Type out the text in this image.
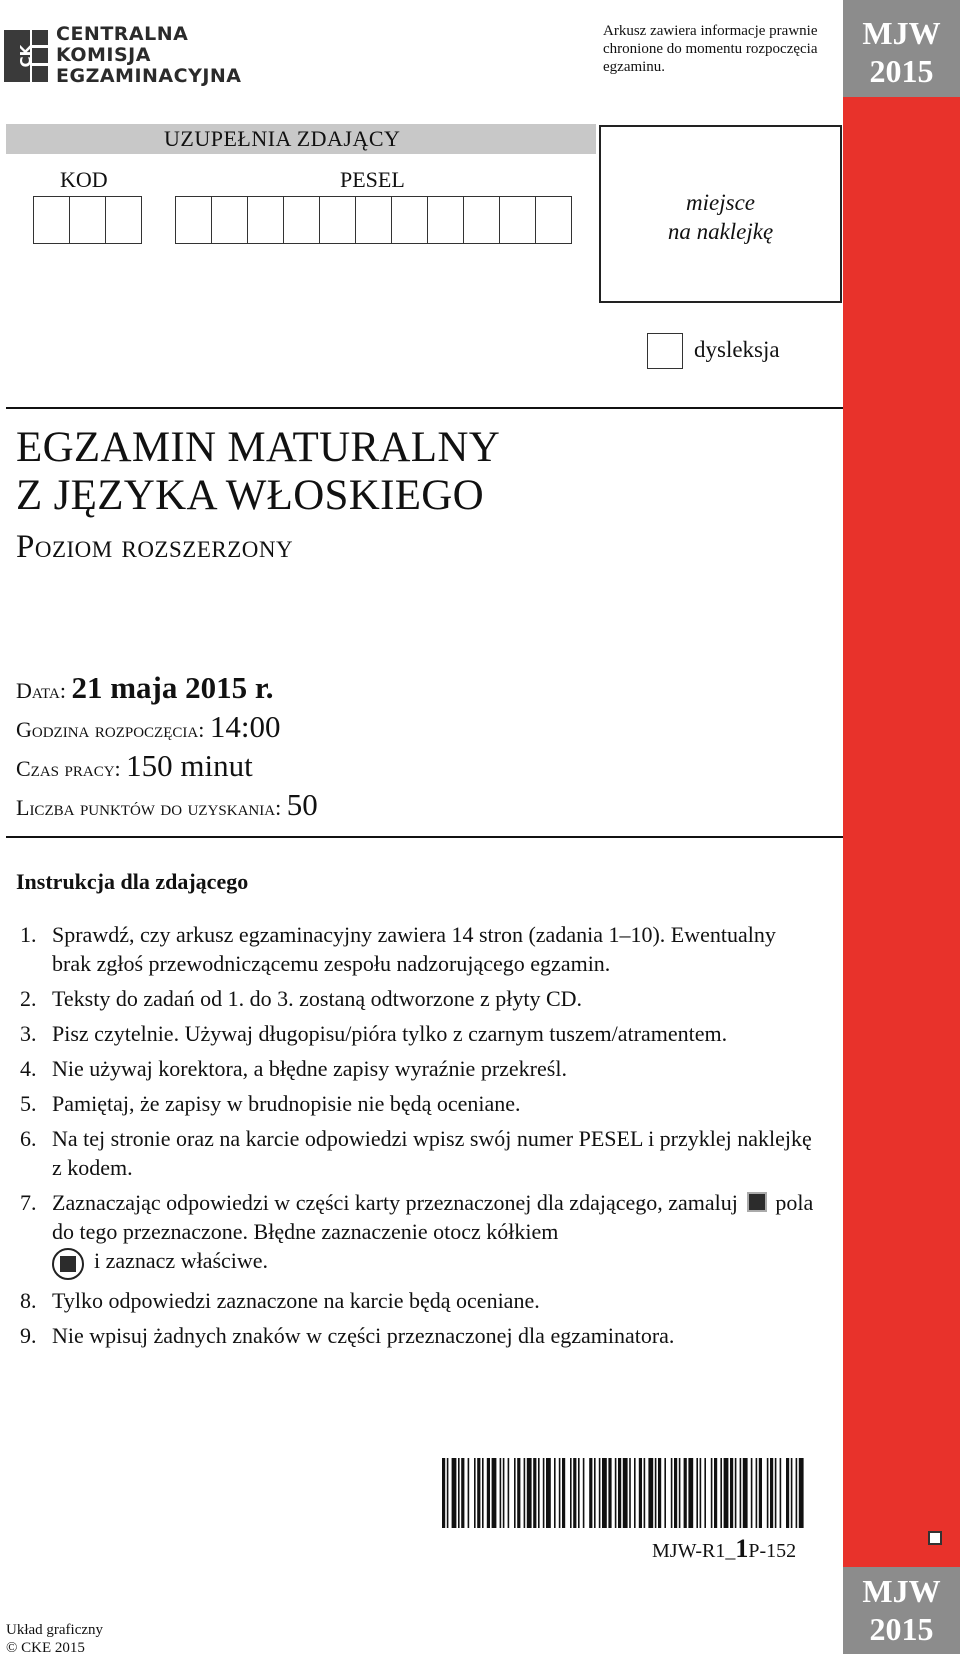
CK
CENTRALNA
KOMISJA
EGZAMINACYJNA
Arkusz zawiera informacje prawnie chronione do momentu rozpoczęcia egzaminu.
MJW
2015
MJW
2015
UZUPEŁNIA ZDAJĄCY
KOD	PESEL
miejsce
na naklejkę
dysleksja
EGZAMIN MATURALNY
Z JĘZYKA WŁOSKIEGO
Poziom rozszerzony
Data: 21 maja 2015 r.
Godzina rozpoczęcia: 14:00
Czas pracy: 150 minut
Liczba punktów do uzyskania: 50
Instrukcja dla zdającego
1. Sprawdź, czy arkusz egzaminacyjny zawiera 14 stron (zadania 1–10). Ewentualny brak zgłoś przewodniczącemu zespołu nadzorującego egzamin.
2. Teksty do zadań od 1. do 3. zostaną odtworzone z płyty CD.
3. Pisz czytelnie. Używaj długopisu/pióra tylko z czarnym tuszem/atramentem.
4. Nie używaj korektora, a błędne zapisy wyraźnie przekreśl.
5. Pamiętaj, że zapisy w brudnopisie nie będą oceniane.
6. Na tej stronie oraz na karcie odpowiedzi wpisz swój numer PESEL i przyklej naklejkę z kodem.
7. Zaznaczając odpowiedzi w części karty przeznaczonej dla zdającego, zamaluj pola do tego przeznaczone. Błędne zaznaczenie otocz kółkiem

i zaznacz właściwe.
8. Tylko odpowiedzi zaznaczone na karcie będą oceniane.
9. Nie wpisuj żadnych znaków w części przeznaczonej dla egzaminatora.
MJW-R1_1P-152
Układ graficzny
© CKE 2015
